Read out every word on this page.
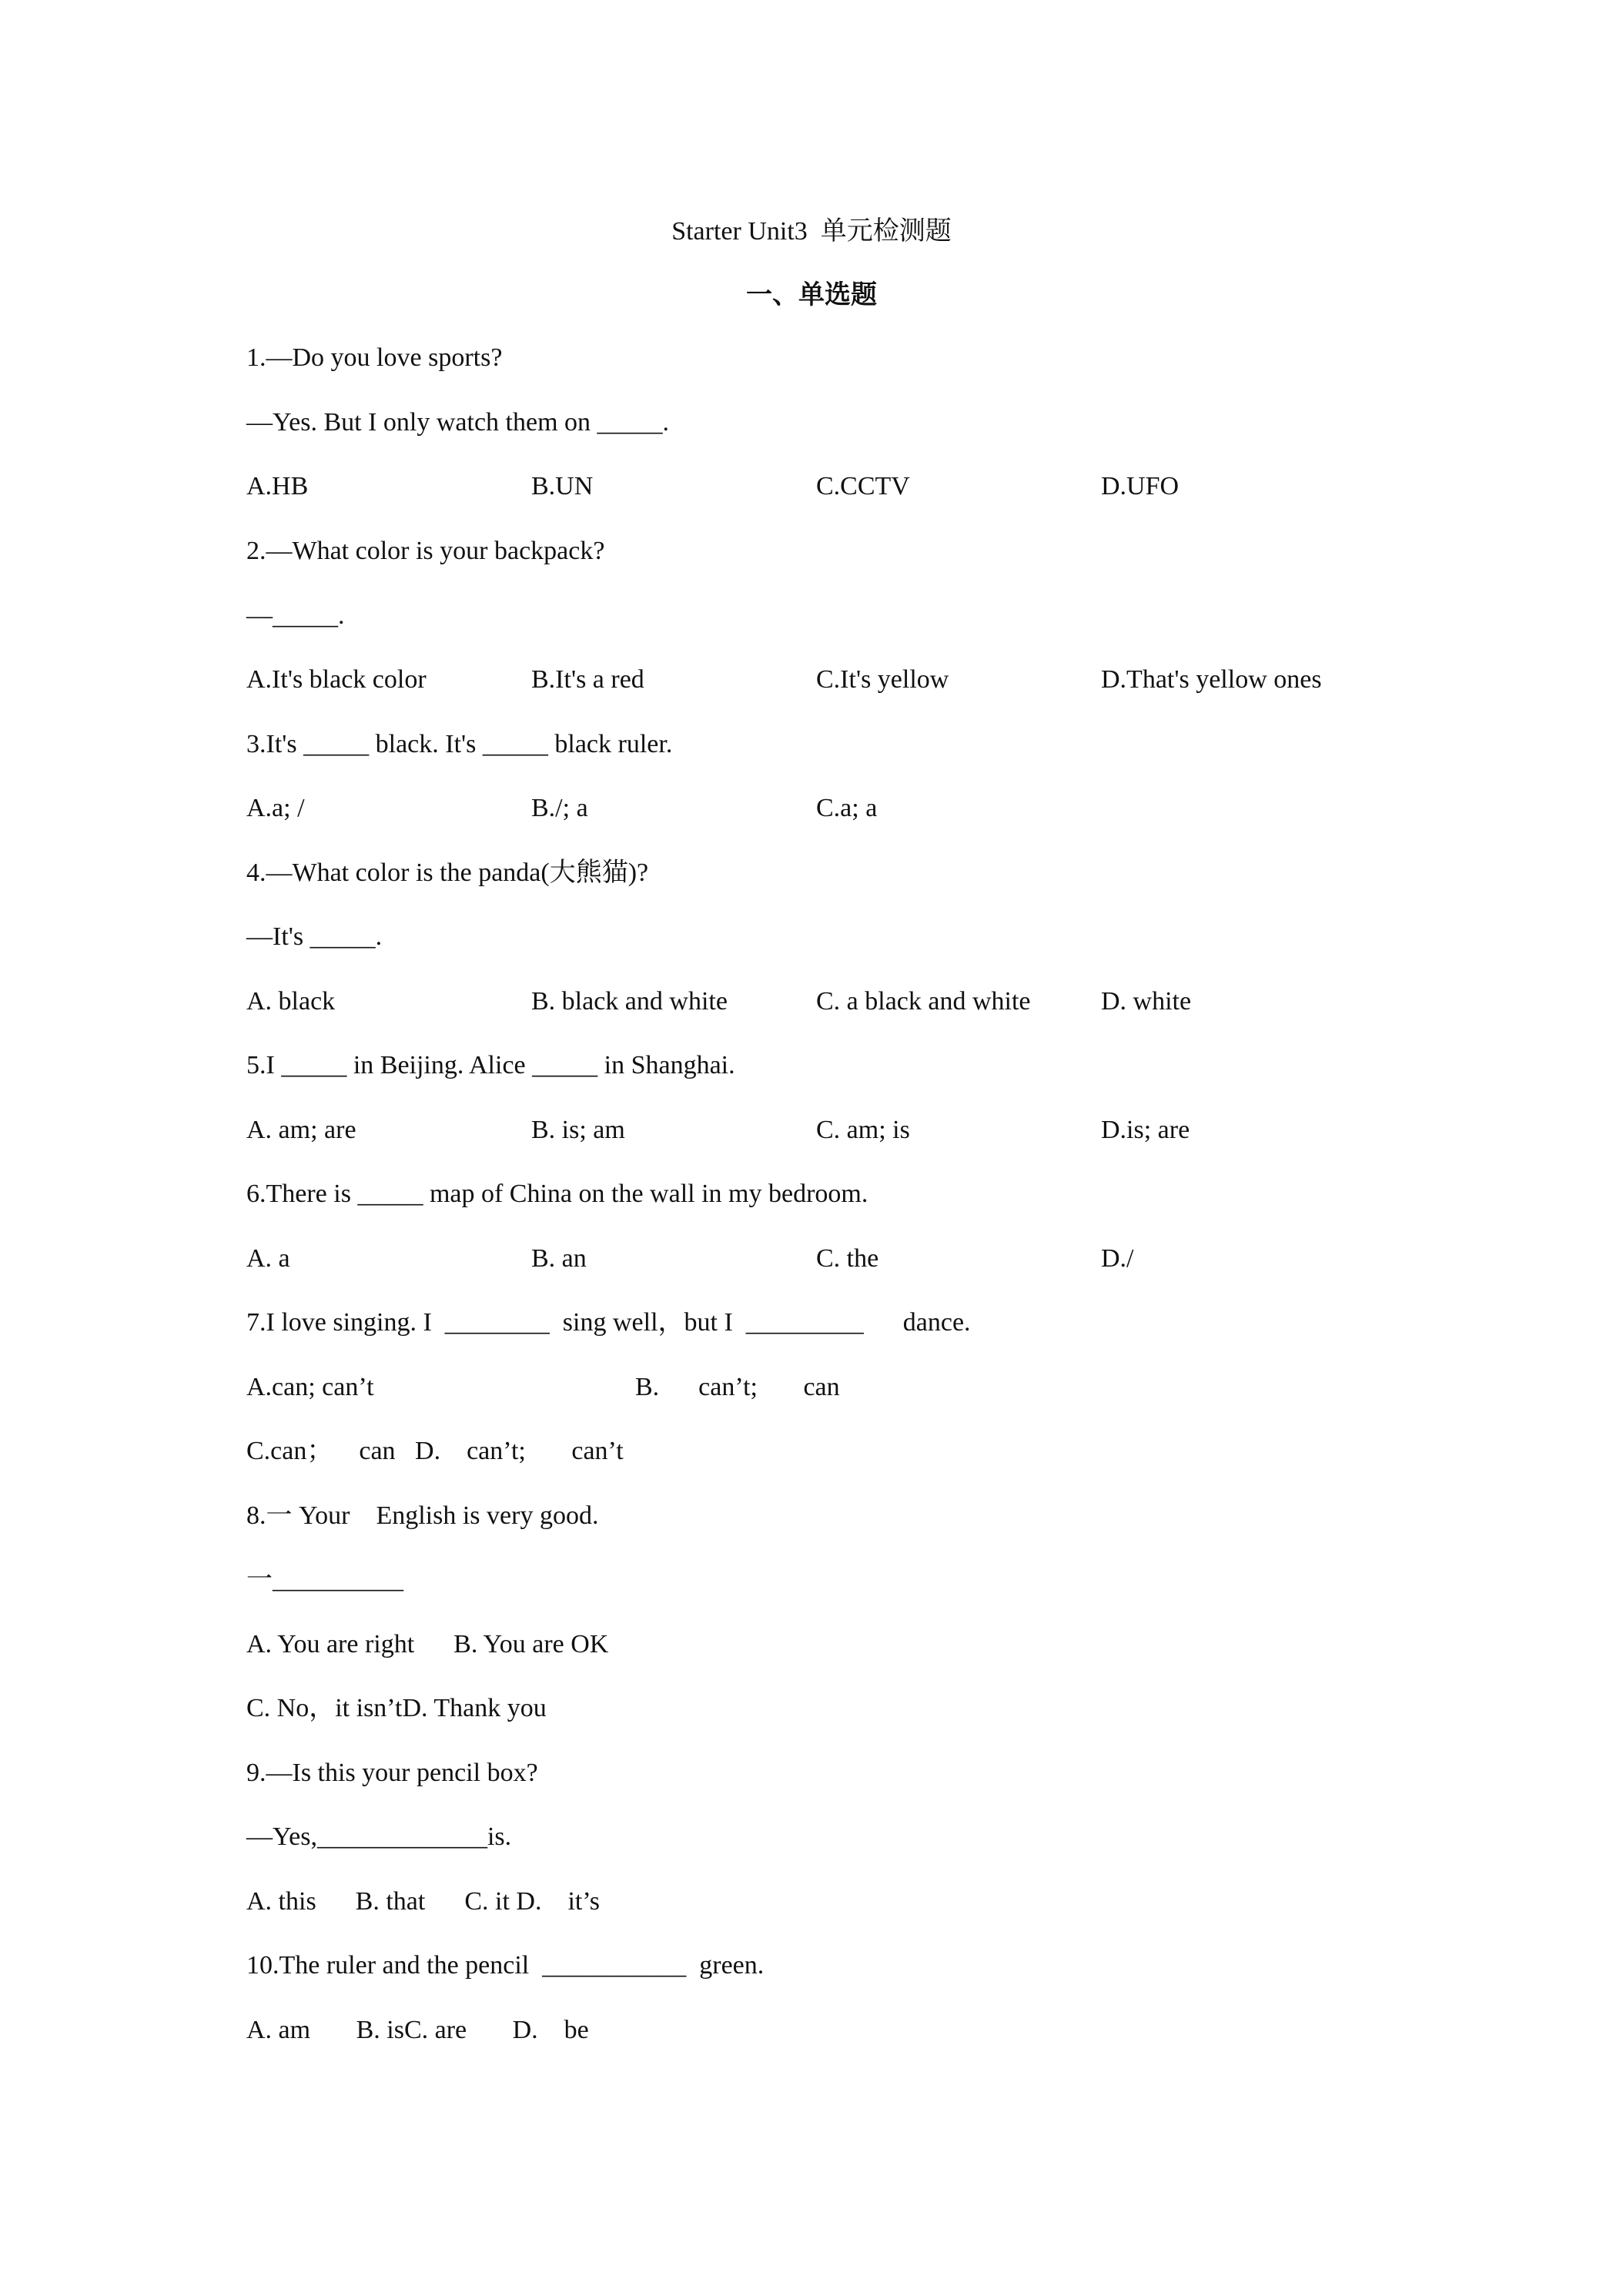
Starter Unit3  单元检测题
一、单选题
1.—Do you love sports?
—Yes. But I only watch them on _____.
A.HB	B.UN	C.CCTV	D.UFO
2.—What color is your backpack?
—_____.
A.It's black color	B.It's a red	C.It's yellow	D.That's yellow ones
3.It's _____ black. It's _____ black ruler.
A.a; /	B./; a	C.a; a
4.—What color is the panda(大熊猫)?
—It's _____.
A. black	B. black and white	C. a black and white	D. white
5.I _____ in Beijing. Alice _____ in Shanghai.
A. am; are	B. is; am	C. am; is	D.is; are
6.There is _____ map of China on the wall in my bedroom.
A. a	B. an	C. the	D./
7.I love singing. I  ________  sing well，but I  _________      dance.
A.can; can’t	B.      can’t;       can
C.can；    can   D.    can’t;       can’t
8.一 Your    English is very good.
一__________
A. You are right      B. You are OK
C. No，it isn’tD. Thank you
9.—Is this your pencil box?
—Yes,_____________is.
A. this      B. that      C. it D.    it’s
10.The ruler and the pencil  ___________  green.
A. am       B. isC. are       D.    be
